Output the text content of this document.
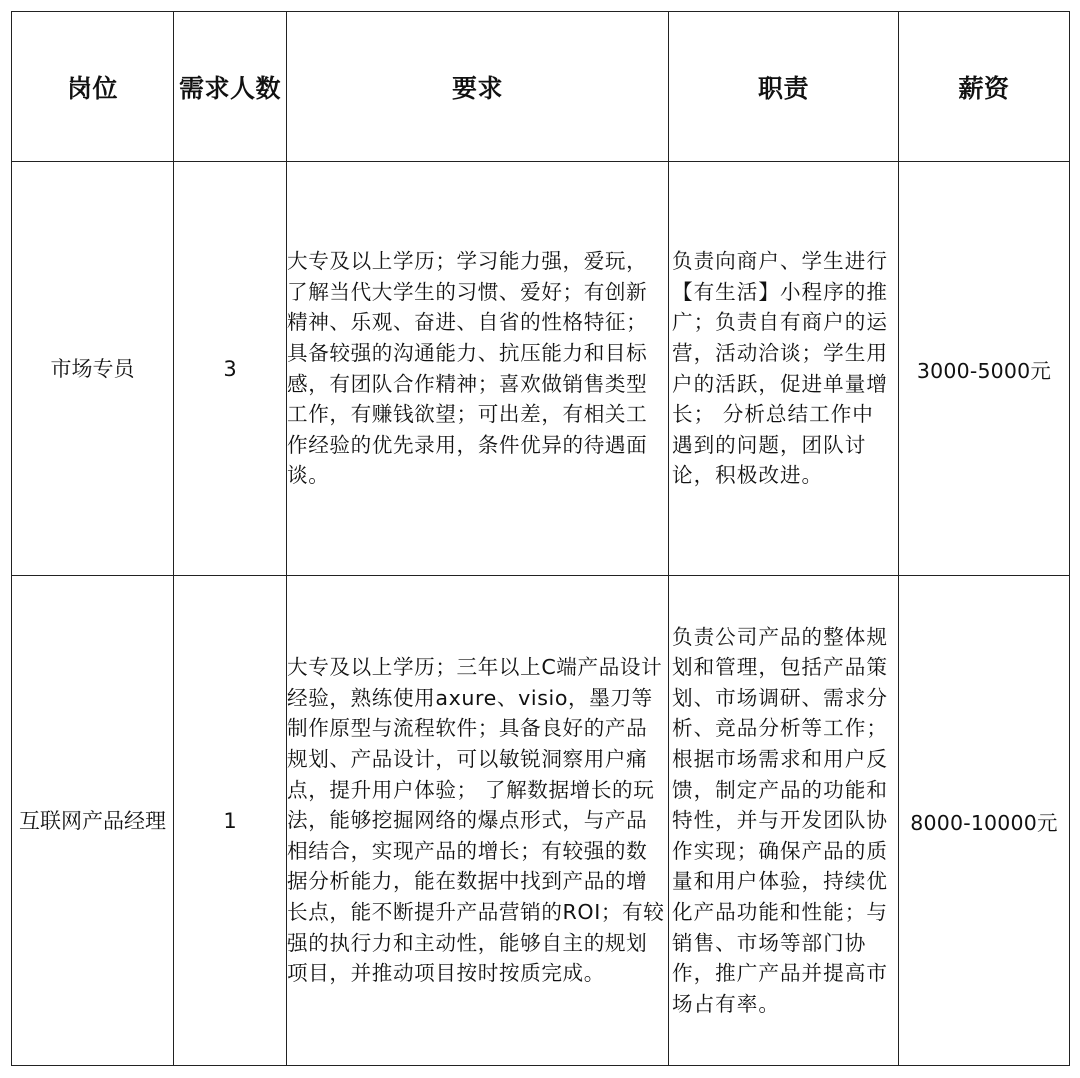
岗位	需求人数	要求	职责	薪资
市场专员	3	大专及以上学历；学习能力强，爱玩，了解当代大学生的习惯、爱好；有创新精神、乐观、奋进、自省的性格特征；具备较强的沟通能力、抗压能力和目标感，有团队合作精神；喜欢做销售类型工作，有赚钱欲望；可出差，有相关工作经验的优先录用，条件优异的待遇面谈。	负责向商户、学生进行【有生活】小程序的推广；负责自有商户的运营，活动洽谈；学生用户的活跃，促进单量增长； 分析总结工作中遇到的问题，团队讨论，积极改进。	3000-5000元
互联网产品经理	1	大专及以上学历；三年以上C端产品设计经验，熟练使用axure、visio，墨刀等制作原型与流程软件；具备良好的产品规划、产品设计，可以敏锐洞察用户痛点，提升用户体验； 了解数据增长的玩法，能够挖掘网络的爆点形式，与产品相结合，实现产品的增长；有较强的数据分析能力，能在数据中找到产品的增长点，能不断提升产品营销的ROI；有较强的执行力和主动性，能够自主的规划项目，并推动项目按时按质完成。	负责公司产品的整体规划和管理，包括产品策划、市场调研、需求分析、竞品分析等工作； 根据市场需求和用户反馈，制定产品的功能和特性，并与开发团队协作实现；确保产品的质量和用户体验，持续优化产品功能和性能；与销售、市场等部门协作，推广产品并提高市场占有率。	8000-10000元
